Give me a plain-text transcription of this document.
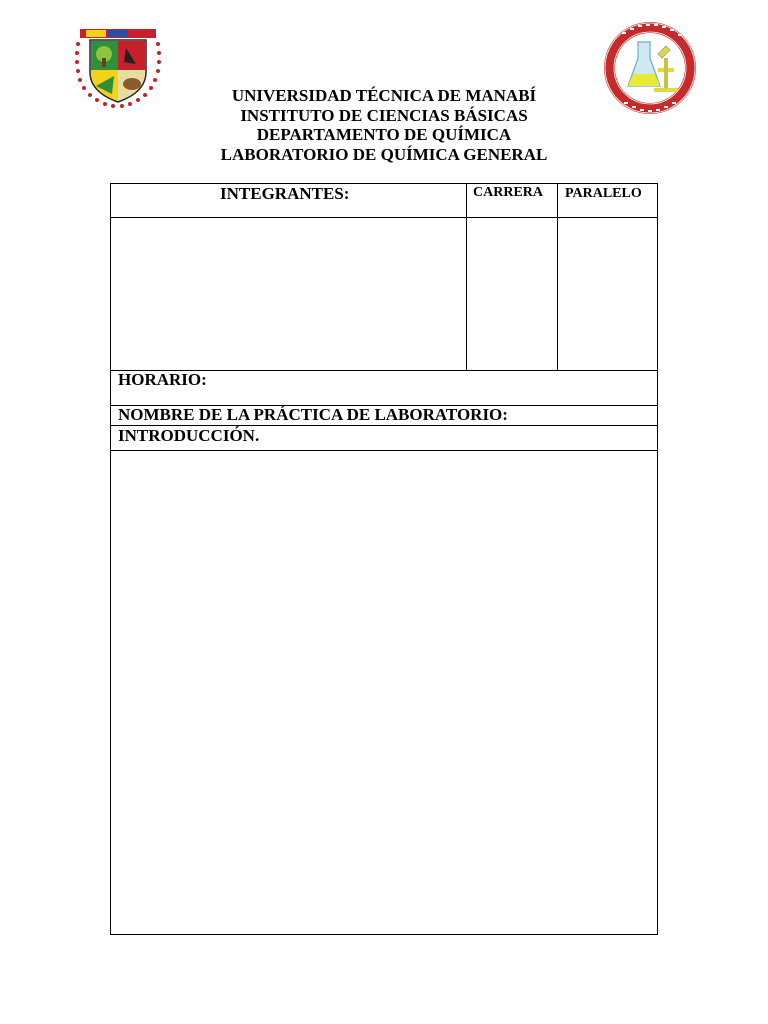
UNIVERSIDAD TÉCNICA DE MANABÍ
INSTITUTO DE CIENCIAS BÁSICAS
DEPARTAMENTO DE QUÍMICA
LABORATORIO DE QUÍMICA GENERAL
INTEGRANTES:	CARRERA PARALELO
HORARIO:
NOMBRE DE LA PRÁCTICA DE LABORATORIO:
INTRODUCCIÓN.
